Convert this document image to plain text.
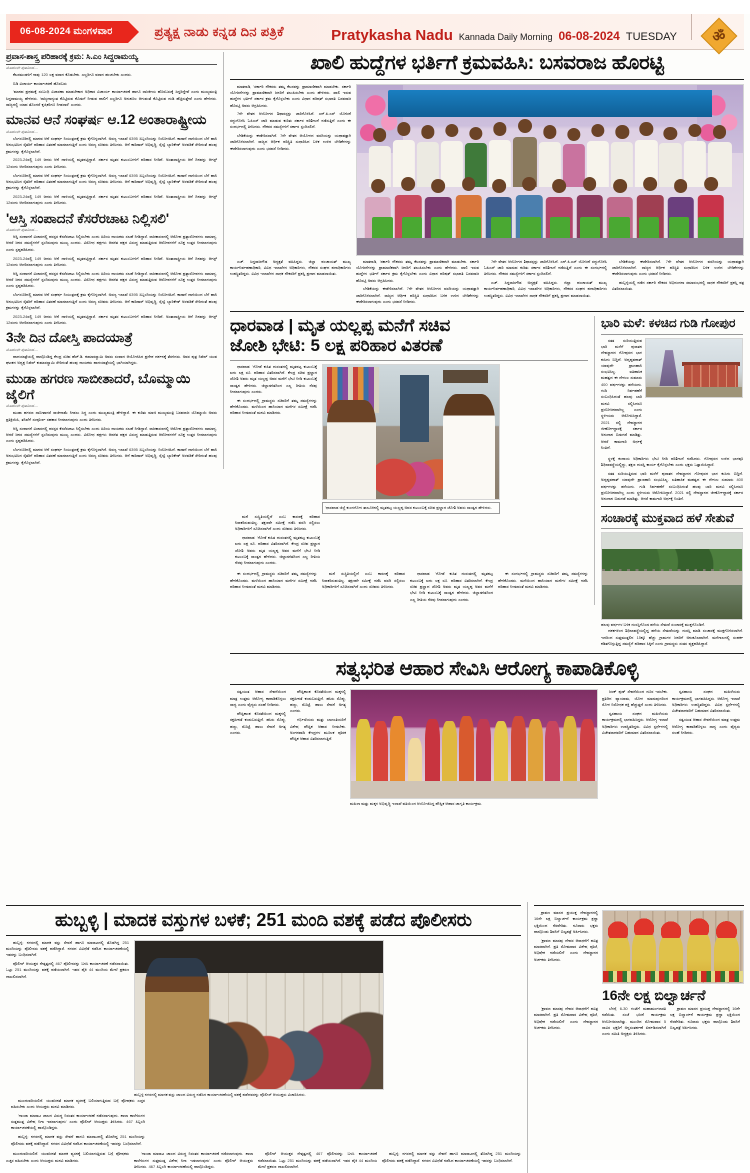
06-08-2024 ಮಂಗಳವಾರ	ಪ್ರತ್ಯಕ್ಷ ನಾಡು ಕನ್ನಡ ದಿನ ಪತ್ರಿಕೆ	Pratykasha Nadu Kannada Daily Morning 06-08-2024 TUESDAY	ॐ
ಪ್ರವಾಸ-ಶಾಸ್ತ್ರ ಪರಿಹಾರಕ್ಕೆ ಕ್ರಮ: ಸಿ.ಎಂ ಸಿದ್ದರಾಮಯ್ಯ
ಮೊದಲನೇ ಪುಟದಿಂದ....

ಕೆಲಸಮಂಡಳಿಗೆ ನಾವು 120 ಲಕ್ಷ ವರಾದ ಕೊಡಬೇಕು. ಎಲ್ಲರಿಗೂ ವರಾದ ಹಂಚಬೇಕು ಎಂದರು.

ಬಿಡಿ ವಿಚಾರ್ಯ ಕಾರ್ಯಾಚರಣೆ ಹೊರಬರು

'ಮಾನವ ಪ್ರಥಮಕ್ಕೆ ಸಂಬಂಧಿ ವಿಚಾರಣಾ ಮಾಡಬೇಕಾದ ಅಧಿಕಾರ ವಿಚಾರ್ಯ ಕಾರ್ಯಾಚರಣೆ ಹಾಗೂ ರಾಜಕೀಯ ಹೊರಬರುಕ್ಕೆ ಸಿದ್ದರಿದ್ದೇವೆ ಎಂದು ಮುಖ್ಯಮಂತ್ರಿ ಸಿದ್ದರಾಮಯ್ಯ ಹೇಳಿದರು. 'ರಾಜ್ಯದಾದ್ಯಂತ ಕೊಟ್ಟಿರುವ ಕೊಡುಗೆ ನೀಡುವ ಪಾಲಿಗೆ ಎಲ್ಲರಿಗೂ ಅನುಕೂಲ ಆಗುವಂತೆ ಕೊಟ್ಟಿರುವ ದುಡಿ ಹೆಚ್ಚಿಸುತ್ತೇವೆ ಎಂದು ಹೇಳಿದರು. ರಾಜ್ಯದಲ್ಲಿ ಯಾವ ತೊಂದರೆ ಕೃಷಿಕರಿಗೂ ನೀಡಲಾರೆ' ಎಂದರು.

ಮಾನವ ಆನೆ ಸಂಘರ್ಷ ಆ.12 ಅಂತಾರಾಷ್ಟ್ರೀಯ
ಮೊದಲನೇ ಪುಟದಿಂದ....

ಬೆಂಗಳೂರಿನಲ್ಲಿ ಮಾನವ ಆನೆ ಸಂಘರ್ಷ ನಿಯಂತ್ರಣಕ್ಕೆ ಕ್ರಮ ಕೈಗೊಳ್ಳಲಾಗಿದೆ. ಅರಣ್ಯ ಇಲಾಖೆ 6395 ಸಿಬ್ಬಂದಿಯನ್ನು ನಿಯೋಜಿಸಿದೆ. ಕಾಡಾನೆ ದಾಳಿಯಿಂದ ಬೆಳೆ ಹಾನಿ ಅನುಭವಿಸಿದ ರೈತರಿಗೆ ಪರಿಹಾರ ವಿತರಣೆ ಮಾಡಲಾಗುತ್ತಿದೆ ಎಂದು ಅರಣ್ಯ ಸಚಿವರು ತಿಳಿಸಿದರು. ಆನೆ ಕಾರಿಡಾರ್ ಅಭಿವೃದ್ಧಿ, ರೈಲ್ವೆ ಬ್ಯಾರಿಕೇಡ್ ಅಳವಡಿಕೆ ಸೇರಿದಂತೆ ಹಲವು ಕ್ರಮಗಳನ್ನು ಕೈಗೊಳ್ಳಲಾಗಿದೆ.

2023-24ರಲ್ಲಿ 149 ಜನರು ಆನೆ ದಾಳಿಯಲ್ಲಿ ಮೃತಪಟ್ಟಿದ್ದಾರೆ. ಸರ್ಕಾರ ಮೃತರ ಕುಟುಂಬಗಳಿಗೆ ಪರಿಹಾರ ನೀಡಿದೆ. ಅಂತಾರಾಷ್ಟ್ರೀಯ ಆನೆ ದಿನವನ್ನು ಆಗಸ್ಟ್ 12ರಂದು ಆಚರಿಸಲಾಗುವುದು ಎಂದು ತಿಳಿಸಿದರು.

ಬೆಂಗಳೂರಿನಲ್ಲಿ ಮಾನವ ಆನೆ ಸಂಘರ್ಷ ನಿಯಂತ್ರಣಕ್ಕೆ ಕ್ರಮ ಕೈಗೊಳ್ಳಲಾಗಿದೆ. ಅರಣ್ಯ ಇಲಾಖೆ 6395 ಸಿಬ್ಬಂದಿಯನ್ನು ನಿಯೋಜಿಸಿದೆ. ಕಾಡಾನೆ ದಾಳಿಯಿಂದ ಬೆಳೆ ಹಾನಿ ಅನುಭವಿಸಿದ ರೈತರಿಗೆ ಪರಿಹಾರ ವಿತರಣೆ ಮಾಡಲಾಗುತ್ತಿದೆ ಎಂದು ಅರಣ್ಯ ಸಚಿವರು ತಿಳಿಸಿದರು. ಆನೆ ಕಾರಿಡಾರ್ ಅಭಿವೃದ್ಧಿ, ರೈಲ್ವೆ ಬ್ಯಾರಿಕೇಡ್ ಅಳವಡಿಕೆ ಸೇರಿದಂತೆ ಹಲವು ಕ್ರಮಗಳನ್ನು ಕೈಗೊಳ್ಳಲಾಗಿದೆ.

2023-24ರಲ್ಲಿ 149 ಜನರು ಆನೆ ದಾಳಿಯಲ್ಲಿ ಮೃತಪಟ್ಟಿದ್ದಾರೆ. ಸರ್ಕಾರ ಮೃತರ ಕುಟುಂಬಗಳಿಗೆ ಪರಿಹಾರ ನೀಡಿದೆ. ಅಂತಾರಾಷ್ಟ್ರೀಯ ಆನೆ ದಿನವನ್ನು ಆಗಸ್ಟ್ 12ರಂದು ಆಚರಿಸಲಾಗುವುದು ಎಂದು ತಿಳಿಸಿದರು.

'ಆಸ್ತಿ ಸಂಪಾದನೆ ಕೆಸರೆರಚಾಟ ನಿಲ್ಲಿಸಲಿ'
ಮೊದಲನೇ ಪುಟದಿಂದ....

ಆಸ್ತಿ ಸಂಪಾದನೆ ವಿಚಾರದಲ್ಲಿ ಪರಸ್ಪರ ಕೆಸರೆರಚಾಟ ನಿಲ್ಲಿಸಬೇಕು ಎಂದು ಹಿರಿಯ ನಾಯಕರು ಸಲಹೆ ನೀಡಿದ್ದಾರೆ. ರಾಜಕಾರಣದಲ್ಲಿ ಆರೋಪ ಪ್ರತ್ಯಾರೋಪಗಳು ಸಾಮಾನ್ಯ, ಆದರೆ ಜನರ ಸಮಸ್ಯೆಗಳಿಗೆ ಸ್ಪಂದಿಸುವುದು ಮುಖ್ಯ ಎಂದರು. ವಿರೋಧ ಪಕ್ಷಗಳು ಆಡಳಿತ ಪಕ್ಷದ ವಿರುದ್ಧ ಮಾಡುತ್ತಿರುವ ಆರೋಪಗಳಿಗೆ ಸೂಕ್ತ ಉತ್ತರ ನೀಡಲಾಗುವುದು ಎಂದು ಸ್ಪಷ್ಟಪಡಿಸಿದರು.

2023-24ರಲ್ಲಿ 149 ಜನರು ಆನೆ ದಾಳಿಯಲ್ಲಿ ಮೃತಪಟ್ಟಿದ್ದಾರೆ. ಸರ್ಕಾರ ಮೃತರ ಕುಟುಂಬಗಳಿಗೆ ಪರಿಹಾರ ನೀಡಿದೆ. ಅಂತಾರಾಷ್ಟ್ರೀಯ ಆನೆ ದಿನವನ್ನು ಆಗಸ್ಟ್ 12ರಂದು ಆಚರಿಸಲಾಗುವುದು ಎಂದು ತಿಳಿಸಿದರು.

ಆಸ್ತಿ ಸಂಪಾದನೆ ವಿಚಾರದಲ್ಲಿ ಪರಸ್ಪರ ಕೆಸರೆರಚಾಟ ನಿಲ್ಲಿಸಬೇಕು ಎಂದು ಹಿರಿಯ ನಾಯಕರು ಸಲಹೆ ನೀಡಿದ್ದಾರೆ. ರಾಜಕಾರಣದಲ್ಲಿ ಆರೋಪ ಪ್ರತ್ಯಾರೋಪಗಳು ಸಾಮಾನ್ಯ, ಆದರೆ ಜನರ ಸಮಸ್ಯೆಗಳಿಗೆ ಸ್ಪಂದಿಸುವುದು ಮುಖ್ಯ ಎಂದರು. ವಿರೋಧ ಪಕ್ಷಗಳು ಆಡಳಿತ ಪಕ್ಷದ ವಿರುದ್ಧ ಮಾಡುತ್ತಿರುವ ಆರೋಪಗಳಿಗೆ ಸೂಕ್ತ ಉತ್ತರ ನೀಡಲಾಗುವುದು ಎಂದು ಸ್ಪಷ್ಟಪಡಿಸಿದರು.

ಬೆಂಗಳೂರಿನಲ್ಲಿ ಮಾನವ ಆನೆ ಸಂಘರ್ಷ ನಿಯಂತ್ರಣಕ್ಕೆ ಕ್ರಮ ಕೈಗೊಳ್ಳಲಾಗಿದೆ. ಅರಣ್ಯ ಇಲಾಖೆ 6395 ಸಿಬ್ಬಂದಿಯನ್ನು ನಿಯೋಜಿಸಿದೆ. ಕಾಡಾನೆ ದಾಳಿಯಿಂದ ಬೆಳೆ ಹಾನಿ ಅನುಭವಿಸಿದ ರೈತರಿಗೆ ಪರಿಹಾರ ವಿತರಣೆ ಮಾಡಲಾಗುತ್ತಿದೆ ಎಂದು ಅರಣ್ಯ ಸಚಿವರು ತಿಳಿಸಿದರು. ಆನೆ ಕಾರಿಡಾರ್ ಅಭಿವೃದ್ಧಿ, ರೈಲ್ವೆ ಬ್ಯಾರಿಕೇಡ್ ಅಳವಡಿಕೆ ಸೇರಿದಂತೆ ಹಲವು ಕ್ರಮಗಳನ್ನು ಕೈಗೊಳ್ಳಲಾಗಿದೆ.

2023-24ರಲ್ಲಿ 149 ಜನರು ಆನೆ ದಾಳಿಯಲ್ಲಿ ಮೃತಪಟ್ಟಿದ್ದಾರೆ. ಸರ್ಕಾರ ಮೃತರ ಕುಟುಂಬಗಳಿಗೆ ಪರಿಹಾರ ನೀಡಿದೆ. ಅಂತಾರಾಷ್ಟ್ರೀಯ ಆನೆ ದಿನವನ್ನು ಆಗಸ್ಟ್ 12ರಂದು ಆಚರಿಸಲಾಗುವುದು ಎಂದು ತಿಳಿಸಿದರು.

3ನೇ ದಿನ ದೋಸ್ತಿ ಪಾದಯಾತ್ರೆ
ಮೊದಲನೇ ಪುಟದಿಂದ....

ಪಾದಯಾತ್ರೆಯಲ್ಲಿ ಪಾಲ್ಗೊಂಡಿದ್ದ ಕೇಂದ್ರ ಸಚಿವ ಹೆಚ್.ಡಿ. ಕುಮಾರಸ್ವಾಮಿ ಅವರು ಸಂವಾದ ಆಯೋಜಿಸಿದ ಪ್ರದೇಶ ದರ್ಶನಕ್ಕೆ ತೆರಳಿದರು. ಅವರ ಪುತ್ರ ನಿಖಿಲ್ ಯುವ ಘಟಕದ ಅಧ್ಯಕ್ಷ ನಿಖಿಲ್ ಕುಮಾರಸ್ವಾಮಿ ಸೇರಿದಂತೆ ಹಲವು ನಾಯಕರು ಪಾದಯಾತ್ರೆಯಲ್ಲಿ ಭಾಗಿಯಾಗಿದ್ದರು.

ಮುಡಾ ಹಗರಣ ಸಾಬೀತಾದರೆ, ಬೊಮ್ಮಾಯಿ ಜೈಲಿಗೆ
ಮೊದಲನೇ ಪುಟದಿಂದ....

ಮುಡಾ ಹಗರಣ ಸಾಬೀತಾದರೆ ರಾಜೀನಾಮೆ ನೀಡಲು ಸಿದ್ಧ ಎಂದು ಮುಖ್ಯಮಂತ್ರಿ ಹೇಳಿದ್ದಾರೆ. ಈ ಕುರಿತು ಮಾಜಿ ಮುಖ್ಯಮಂತ್ರಿ ಬಸವರಾಜ ಬೊಮ್ಮಾಯಿ ಅವರು ಪ್ರತಿಕ್ರಿಯಿಸಿ, ತನಿಖೆಗೆ ಸಂಪೂರ್ಣ ಸಹಕಾರ ನೀಡಲಾಗುವುದು ಎಂದು ತಿಳಿಸಿದರು.

ಆಸ್ತಿ ಸಂಪಾದನೆ ವಿಚಾರದಲ್ಲಿ ಪರಸ್ಪರ ಕೆಸರೆರಚಾಟ ನಿಲ್ಲಿಸಬೇಕು ಎಂದು ಹಿರಿಯ ನಾಯಕರು ಸಲಹೆ ನೀಡಿದ್ದಾರೆ. ರಾಜಕಾರಣದಲ್ಲಿ ಆರೋಪ ಪ್ರತ್ಯಾರೋಪಗಳು ಸಾಮಾನ್ಯ, ಆದರೆ ಜನರ ಸಮಸ್ಯೆಗಳಿಗೆ ಸ್ಪಂದಿಸುವುದು ಮುಖ್ಯ ಎಂದರು. ವಿರೋಧ ಪಕ್ಷಗಳು ಆಡಳಿತ ಪಕ್ಷದ ವಿರುದ್ಧ ಮಾಡುತ್ತಿರುವ ಆರೋಪಗಳಿಗೆ ಸೂಕ್ತ ಉತ್ತರ ನೀಡಲಾಗುವುದು ಎಂದು ಸ್ಪಷ್ಟಪಡಿಸಿದರು.

ಬೆಂಗಳೂರಿನಲ್ಲಿ ಮಾನವ ಆನೆ ಸಂಘರ್ಷ ನಿಯಂತ್ರಣಕ್ಕೆ ಕ್ರಮ ಕೈಗೊಳ್ಳಲಾಗಿದೆ. ಅರಣ್ಯ ಇಲಾಖೆ 6395 ಸಿಬ್ಬಂದಿಯನ್ನು ನಿಯೋಜಿಸಿದೆ. ಕಾಡಾನೆ ದಾಳಿಯಿಂದ ಬೆಳೆ ಹಾನಿ ಅನುಭವಿಸಿದ ರೈತರಿಗೆ ಪರಿಹಾರ ವಿತರಣೆ ಮಾಡಲಾಗುತ್ತಿದೆ ಎಂದು ಅರಣ್ಯ ಸಚಿವರು ತಿಳಿಸಿದರು. ಆನೆ ಕಾರಿಡಾರ್ ಅಭಿವೃದ್ಧಿ, ರೈಲ್ವೆ ಬ್ಯಾರಿಕೇಡ್ ಅಳವಡಿಕೆ ಸೇರಿದಂತೆ ಹಲವು ಕ್ರಮಗಳನ್ನು ಕೈಗೊಳ್ಳಲಾಗಿದೆ.

ಖಾಲಿ ಹುದ್ದೆಗಳ ಭರ್ತಿಗೆ ಕ್ರಮವಹಿಸಿ: ಬಸವರಾಜ ಹೊರಟ್ಟಿ

ಮಾತನಾಡಿ, 'ಸರ್ಕಾರಿ ನೌಕರರು ತಮ್ಮ ಕೆಲಸವನ್ನು ಪ್ರಾಮಾಣಿಕವಾಗಿ ಮಾಡಬೇಕು. ಸರ್ಕಾರಿ ಯೋಜನೆಗಳನ್ನು ಪ್ರಾಮಾಣಿಕವಾಗಿ ಜನರಿಗೆ ತಲುಪಿಸಬೇಕು ಎಂದು ಹೇಳಿದರು. ಖಾಲಿ ಇರುವ ಹುದ್ದೆಗಳ ಭರ್ತಿಗೆ ಸರ್ಕಾರ ಕ್ರಮ ಕೈಗೊಳ್ಳಬೇಕು ಎಂದು ವಿಧಾನ ಪರಿಷತ್ ಸಭಾಪತಿ ಬಸವರಾಜ ಹೊರಟ್ಟಿ ಅವರು ಆಗ್ರಹಿಸಿದರು.

7ನೇ ವೇತನ ಆಯೋಗದ ಶಿಫಾರಸ್ಸನ್ನು ಜಾರಿಗೊಳಿಸಿದೆ. ಎನ್.ಪಿ.ಎಸ್ ಯೋಜನೆ ರದ್ದುಗೊಳಿಸಿ ಓಪಿಎಸ್ ಜಾರಿ ಮಾಡುವ ಕುರಿತು ಸರ್ಕಾರ ಪರಿಶೀಲನೆ ನಡೆಸುತ್ತಿದೆ ಎಂದು ಈ ಸಂದರ್ಭದಲ್ಲಿ ತಿಳಿಸಿದರು. ನೌಕರರ ಸಮಸ್ಯೆಗಳಿಗೆ ಸರ್ಕಾರ ಸ್ಪಂದಿಸಲಿದೆ.

ಬೇಡಿಕೆಯನ್ನು ಈಡೇರಿಸಲಾಗಿದೆ. 7ನೇ ವೇತನ ಆಯೋಗದ ವರದಿಯನ್ನು ಯಥಾವತ್ತಾಗಿ ಜಾರಿಗೊಳಿಸಲಾಗಿದೆ. ರಾಜ್ಯದ ಆರ್ಥಿಕ ಪರಿಸ್ಥಿತಿ ಸುಧಾರಿಸಿದ ಬಳಿಕ ಉಳಿದ ಬೇಡಿಕೆಗಳನ್ನು ಈಡೇರಿಸಲಾಗುವುದು ಎಂದು ಭರವಸೆ ನೀಡಿದರು.

ಎಚ್. ಸಿದ್ದರಾಜಗೌಡ ಅಧ್ಯಕ್ಷತೆ ವಹಿಸಿದ್ದರು. ಜಿಲ್ಲಾ ಪಂಚಾಯತ್ ಮುಖ್ಯ ಕಾರ್ಯನಿರ್ವಹಣಾಧಿಕಾರಿ, ವಿವಿಧ ಇಲಾಖೆಗಳ ಅಧಿಕಾರಿಗಳು, ನೌಕರರ ಸಂಘದ ಪದಾಧಿಕಾರಿಗಳು ಉಪಸ್ಥಿತರಿದ್ದರು. ವಿವಿಧ ಇಲಾಖೆಗಳ ಸಾಧಕ ನೌಕರರಿಗೆ ಪ್ರಶಸ್ತಿ ಪ್ರದಾನ ಮಾಡಲಾಯಿತು.

ಮಾತನಾಡಿ, 'ಸರ್ಕಾರಿ ನೌಕರರು ತಮ್ಮ ಕೆಲಸವನ್ನು ಪ್ರಾಮಾಣಿಕವಾಗಿ ಮಾಡಬೇಕು. ಸರ್ಕಾರಿ ಯೋಜನೆಗಳನ್ನು ಪ್ರಾಮಾಣಿಕವಾಗಿ ಜನರಿಗೆ ತಲುಪಿಸಬೇಕು ಎಂದು ಹೇಳಿದರು. ಖಾಲಿ ಇರುವ ಹುದ್ದೆಗಳ ಭರ್ತಿಗೆ ಸರ್ಕಾರ ಕ್ರಮ ಕೈಗೊಳ್ಳಬೇಕು ಎಂದು ವಿಧಾನ ಪರಿಷತ್ ಸಭಾಪತಿ ಬಸವರಾಜ ಹೊರಟ್ಟಿ ಅವರು ಆಗ್ರಹಿಸಿದರು.

ಬೇಡಿಕೆಯನ್ನು ಈಡೇರಿಸಲಾಗಿದೆ. 7ನೇ ವೇತನ ಆಯೋಗದ ವರದಿಯನ್ನು ಯಥಾವತ್ತಾಗಿ ಜಾರಿಗೊಳಿಸಲಾಗಿದೆ. ರಾಜ್ಯದ ಆರ್ಥಿಕ ಪರಿಸ್ಥಿತಿ ಸುಧಾರಿಸಿದ ಬಳಿಕ ಉಳಿದ ಬೇಡಿಕೆಗಳನ್ನು ಈಡೇರಿಸಲಾಗುವುದು ಎಂದು ಭರವಸೆ ನೀಡಿದರು.

7ನೇ ವೇತನ ಆಯೋಗದ ಶಿಫಾರಸ್ಸನ್ನು ಜಾರಿಗೊಳಿಸಿದೆ. ಎನ್.ಪಿ.ಎಸ್ ಯೋಜನೆ ರದ್ದುಗೊಳಿಸಿ ಓಪಿಎಸ್ ಜಾರಿ ಮಾಡುವ ಕುರಿತು ಸರ್ಕಾರ ಪರಿಶೀಲನೆ ನಡೆಸುತ್ತಿದೆ ಎಂದು ಈ ಸಂದರ್ಭದಲ್ಲಿ ತಿಳಿಸಿದರು. ನೌಕರರ ಸಮಸ್ಯೆಗಳಿಗೆ ಸರ್ಕಾರ ಸ್ಪಂದಿಸಲಿದೆ.

ಎಚ್. ಸಿದ್ದರಾಜಗೌಡ ಅಧ್ಯಕ್ಷತೆ ವಹಿಸಿದ್ದರು. ಜಿಲ್ಲಾ ಪಂಚಾಯತ್ ಮುಖ್ಯ ಕಾರ್ಯನಿರ್ವಹಣಾಧಿಕಾರಿ, ವಿವಿಧ ಇಲಾಖೆಗಳ ಅಧಿಕಾರಿಗಳು, ನೌಕರರ ಸಂಘದ ಪದಾಧಿಕಾರಿಗಳು ಉಪಸ್ಥಿತರಿದ್ದರು. ವಿವಿಧ ಇಲಾಖೆಗಳ ಸಾಧಕ ನೌಕರರಿಗೆ ಪ್ರಶಸ್ತಿ ಪ್ರದಾನ ಮಾಡಲಾಯಿತು.

ಬೇಡಿಕೆಯನ್ನು ಈಡೇರಿಸಲಾಗಿದೆ. 7ನೇ ವೇತನ ಆಯೋಗದ ವರದಿಯನ್ನು ಯಥಾವತ್ತಾಗಿ ಜಾರಿಗೊಳಿಸಲಾಗಿದೆ. ರಾಜ್ಯದ ಆರ್ಥಿಕ ಪರಿಸ್ಥಿತಿ ಸುಧಾರಿಸಿದ ಬಳಿಕ ಉಳಿದ ಬೇಡಿಕೆಗಳನ್ನು ಈಡೇರಿಸಲಾಗುವುದು ಎಂದು ಭರವಸೆ ನೀಡಿದರು.

ಹುಬ್ಬಳ್ಳಿಯಲ್ಲಿ ನಡೆದ ಸರ್ಕಾರಿ ನೌಕರರ ಅಭಿನಂದನಾ ಸಮಾರಂಭದಲ್ಲಿ ಸಾಧಕ ನೌಕರರಿಗೆ ಪ್ರಶಸ್ತಿ ಪತ್ರ ವಿತರಿಸಲಾಯಿತು.

ಧಾರವಾಡ | ಮೃತ ಯಲ್ಲಪ್ಪ ಮನೆಗೆ ಸಚಿವ
ಜೋಶಿ ಭೇಟಿ: 5 ಲಕ್ಷ ಪರಿಹಾರ ವಿತರಣೆ

ಧಾರವಾಡ: 'ಗೋಡೆ ಕುಸಿತ ದುರಂತದಲ್ಲಿ ಮೃತಪಟ್ಟ ಕುಟುಂಬಕ್ಕೆ ಐದು ಲಕ್ಷ ರೂ. ಪರಿಹಾರ ವಿತರಿಸಲಾಗಿದೆ. ಕೇಂದ್ರ ಸಚಿವ ಪ್ರಲ್ಹಾದ ಜೋಶಿ ಅವರು ಮೃತ ಯಲ್ಲಪ್ಪ ಅವರ ಮನೆಗೆ ಭೇಟಿ ನೀಡಿ ಕುಟುಂಬಕ್ಕೆ ಸಾಂತ್ವನ ಹೇಳಿದರು. ಜಿಲ್ಲಾಡಳಿತದಿಂದ ಎಲ್ಲ ರೀತಿಯ ನೆರವು ನೀಡಲಾಗುವುದು ಎಂದರು.

ಈ ಸಂದರ್ಭದಲ್ಲಿ ಗ್ರಾಮಸ್ಥರು ಸಚಿವರಿಗೆ ತಮ್ಮ ಸಮಸ್ಯೆಗಳನ್ನು ಹೇಳಿಕೊಂಡರು. ಮಳೆಯಿಂದ ಹಾನಿಯಾದ ಮನೆಗಳ ಸಮೀಕ್ಷೆ ನಡೆಸಿ ಪರಿಹಾರ ನೀಡುವಂತೆ ಮನವಿ ಮಾಡಿದರು.

'ಧಾರವಾಡ ಜಿಲ್ಲೆ ಕುಂದಗೋಳ ತಾಲೂಕಿನಲ್ಲಿ ಮೃತಪಟ್ಟ ಯಲ್ಲಪ್ಪ ಅವರ ಕುಟುಂಬಕ್ಕೆ ಸಚಿವ ಪ್ರಲ್ಹಾದ ಜೋಶಿ ಅವರು ಸಾಂತ್ವನ ಹೇಳಿದರು.

ಮನೆ ಸುಸ್ಥಿತಿಯಲ್ಲಿದೆ ಎಂಬ ಕಾರಣಕ್ಕೆ ಪರಿಹಾರ ನಿರಾಕರಿಸುವಂತಿಲ್ಲ. ತಕ್ಷಣವೇ ಸಮೀಕ್ಷೆ ನಡೆಸಿ ವರದಿ ಸಲ್ಲಿಸಲು ಅಧಿಕಾರಿಗಳಿಗೆ ಸೂಚಿಸಲಾಗಿದೆ ಎಂದು ಸಚಿವರು ತಿಳಿಸಿದರು.

ಧಾರವಾಡ: 'ಗೋಡೆ ಕುಸಿತ ದುರಂತದಲ್ಲಿ ಮೃತಪಟ್ಟ ಕುಟುಂಬಕ್ಕೆ ಐದು ಲಕ್ಷ ರೂ. ಪರಿಹಾರ ವಿತರಿಸಲಾಗಿದೆ. ಕೇಂದ್ರ ಸಚಿವ ಪ್ರಲ್ಹಾದ ಜೋಶಿ ಅವರು ಮೃತ ಯಲ್ಲಪ್ಪ ಅವರ ಮನೆಗೆ ಭೇಟಿ ನೀಡಿ ಕುಟುಂಬಕ್ಕೆ ಸಾಂತ್ವನ ಹೇಳಿದರು. ಜಿಲ್ಲಾಡಳಿತದಿಂದ ಎಲ್ಲ ರೀತಿಯ ನೆರವು ನೀಡಲಾಗುವುದು ಎಂದರು.

ಈ ಸಂದರ್ಭದಲ್ಲಿ ಗ್ರಾಮಸ್ಥರು ಸಚಿವರಿಗೆ ತಮ್ಮ ಸಮಸ್ಯೆಗಳನ್ನು ಹೇಳಿಕೊಂಡರು. ಮಳೆಯಿಂದ ಹಾನಿಯಾದ ಮನೆಗಳ ಸಮೀಕ್ಷೆ ನಡೆಸಿ ಪರಿಹಾರ ನೀಡುವಂತೆ ಮನವಿ ಮಾಡಿದರು.

ಮನೆ ಸುಸ್ಥಿತಿಯಲ್ಲಿದೆ ಎಂಬ ಕಾರಣಕ್ಕೆ ಪರಿಹಾರ ನಿರಾಕರಿಸುವಂತಿಲ್ಲ. ತಕ್ಷಣವೇ ಸಮೀಕ್ಷೆ ನಡೆಸಿ ವರದಿ ಸಲ್ಲಿಸಲು ಅಧಿಕಾರಿಗಳಿಗೆ ಸೂಚಿಸಲಾಗಿದೆ ಎಂದು ಸಚಿವರು ತಿಳಿಸಿದರು.

ಧಾರವಾಡ: 'ಗೋಡೆ ಕುಸಿತ ದುರಂತದಲ್ಲಿ ಮೃತಪಟ್ಟ ಕುಟುಂಬಕ್ಕೆ ಐದು ಲಕ್ಷ ರೂ. ಪರಿಹಾರ ವಿತರಿಸಲಾಗಿದೆ. ಕೇಂದ್ರ ಸಚಿವ ಪ್ರಲ್ಹಾದ ಜೋಶಿ ಅವರು ಮೃತ ಯಲ್ಲಪ್ಪ ಅವರ ಮನೆಗೆ ಭೇಟಿ ನೀಡಿ ಕುಟುಂಬಕ್ಕೆ ಸಾಂತ್ವನ ಹೇಳಿದರು. ಜಿಲ್ಲಾಡಳಿತದಿಂದ ಎಲ್ಲ ರೀತಿಯ ನೆರವು ನೀಡಲಾಗುವುದು ಎಂದರು.

ಈ ಸಂದರ್ಭದಲ್ಲಿ ಗ್ರಾಮಸ್ಥರು ಸಚಿವರಿಗೆ ತಮ್ಮ ಸಮಸ್ಯೆಗಳನ್ನು ಹೇಳಿಕೊಂಡರು. ಮಳೆಯಿಂದ ಹಾನಿಯಾದ ಮನೆಗಳ ಸಮೀಕ್ಷೆ ನಡೆಸಿ ಪರಿಹಾರ ನೀಡುವಂತೆ ಮನವಿ ಮಾಡಿದರು.

ಭಾರಿ ಮಳೆ: ಕಳಚಿದ ಗುಡಿ ಗೋಪುರ

ಸತತ ಸುರಿಯುತ್ತಿರುವ ಭಾರಿ ಮಳೆಗೆ ಪುರಾತನ ದೇವಸ್ಥಾನದ ಗೋಪುರದ ಭಾಗ ಕುಸಿದು ಬಿದ್ದಿದೆ. ಅದೃಷ್ಟವಶಾತ್ ಯಾವುದೇ ಪ್ರಾಣಹಾನಿ ಸಂಭವಿಸಿಲ್ಲ. ಐತಿಹಾಸಿಕ ಮಹತ್ವದ ಈ ದೇಗುಲ ಸುಮಾರು 400 ವರ್ಷಗಳಷ್ಟು ಹಳೆಯದು. ಗುಡಿ ನಿರ್ವಹಣೆಗೆ ಸಂಬಂಧಿಸಿದಂತೆ ಹಲವು ಬಾರಿ ಮನವಿ ಸಲ್ಲಿಸಿದರೂ ಪ್ರಯೋಜನವಾಗಿಲ್ಲ ಎಂದು ಸ್ಥಳೀಯರು ಆರೋಪಿಸಿದ್ದಾರೆ. 2021 ರಲ್ಲಿ ದೇವಸ್ಥಾನದ ಜೀರ್ಣೋದ್ಧಾರಕ್ಕೆ ಸರ್ಕಾರ ಅನುದಾನ ಬಿಡುಗಡೆ ಮಾಡಿತ್ತು. ಆದರೆ ಕಾಮಗಾರಿ ಅರ್ಧಕ್ಕೆ ನಿಂತಿದೆ.

ಸ್ಥಳಕ್ಕೆ ಕಂದಾಯ ಅಧಿಕಾರಿಗಳು ಭೇಟಿ ನೀಡಿ ಪರಿಶೀಲನೆ ನಡೆಸಿದರು. ಗೋಪುರದ ಉಳಿದ ಭಾಗವೂ ಶಿಥಿಲಾವಸ್ಥೆಯಲ್ಲಿದ್ದು, ತಕ್ಷಣ ದುರಸ್ತಿ ಕಾರ್ಯ ಕೈಗೊಳ್ಳಬೇಕು ಎಂದು ಭಕ್ತರು ಒತ್ತಾಯಿಸಿದ್ದಾರೆ.

ಸತತ ಸುರಿಯುತ್ತಿರುವ ಭಾರಿ ಮಳೆಗೆ ಪುರಾತನ ದೇವಸ್ಥಾನದ ಗೋಪುರದ ಭಾಗ ಕುಸಿದು ಬಿದ್ದಿದೆ. ಅದೃಷ್ಟವಶಾತ್ ಯಾವುದೇ ಪ್ರಾಣಹಾನಿ ಸಂಭವಿಸಿಲ್ಲ. ಐತಿಹಾಸಿಕ ಮಹತ್ವದ ಈ ದೇಗುಲ ಸುಮಾರು 400 ವರ್ಷಗಳಷ್ಟು ಹಳೆಯದು. ಗುಡಿ ನಿರ್ವಹಣೆಗೆ ಸಂಬಂಧಿಸಿದಂತೆ ಹಲವು ಬಾರಿ ಮನವಿ ಸಲ್ಲಿಸಿದರೂ ಪ್ರಯೋಜನವಾಗಿಲ್ಲ ಎಂದು ಸ್ಥಳೀಯರು ಆರೋಪಿಸಿದ್ದಾರೆ. 2021 ರಲ್ಲಿ ದೇವಸ್ಥಾನದ ಜೀರ್ಣೋದ್ಧಾರಕ್ಕೆ ಸರ್ಕಾರ ಅನುದಾನ ಬಿಡುಗಡೆ ಮಾಡಿತ್ತು. ಆದರೆ ಕಾಮಗಾರಿ ಅರ್ಧಕ್ಕೆ ನಿಂತಿದೆ.

ಸಂಚಾರಕ್ಕೆ ಮುಕ್ತವಾದ ಹಳೆ ಸೇತುವೆ
ಹಲವು ವರ್ಷಗಳ ಬಳಿಕ ದುರಸ್ತಿಗೊಂಡ ಹಳೆಯ ಸೇತುವೆ ಸಂಚಾರಕ್ಕೆ ಮುಕ್ತಗೊಂಡಿದೆ.

ದಶಕಗಳಿಂದ ಶಿಥಿಲಾವಸ್ಥೆಯಲ್ಲಿದ್ದ ಹಳೆಯ ಸೇತುವೆಯನ್ನು ದುರಸ್ತಿ ಮಾಡಿ ಸಂಚಾರಕ್ಕೆ ಮುಕ್ತಗೊಳಿಸಲಾಗಿದೆ. ಇದರಿಂದ ಸುತ್ತಮುತ್ತಲಿನ 15ಕ್ಕೂ ಹೆಚ್ಚು ಗ್ರಾಮಗಳ ಜನರಿಗೆ ಅನುಕೂಲವಾಗಿದೆ. ಮಳೆಗಾಲದಲ್ಲಿ ಸಂಪರ್ಕ ಕಡಿತಗೊಳ್ಳುತ್ತಿದ್ದ ಸಮಸ್ಯೆಗೆ ಪರಿಹಾರ ಸಿಕ್ಕಿದೆ ಎಂದು ಗ್ರಾಮಸ್ಥರು ಸಂತಸ ವ್ಯಕ್ತಪಡಿಸಿದ್ದಾರೆ.

ಸತ್ವಭರಿತ ಆಹಾರ ಸೇವಿಸಿ ಆರೋಗ್ಯ ಕಾಪಾಡಿಕೊಳ್ಳಿ

ಸತ್ವಯುತ ಆಹಾರ ಸೇವನೆಯಿಂದ ಮಾತ್ರ ಉತ್ತಮ ಆರೋಗ್ಯ ಕಾಪಾಡಿಕೊಳ್ಳಲು ಸಾಧ್ಯ ಎಂದು ವೈದ್ಯರು ಸಲಹೆ ನೀಡಿದರು.

ಪೌಷ್ಟಿಕಾಂಶ ಕೊರತೆಯಿಂದ ಮಕ್ಕಳಲ್ಲಿ ರಕ್ತಹೀನತೆ ಕಂಡುಬರುತ್ತಿದೆ. ಹಸಿರು ಸೊಪ್ಪು, ಹಣ್ಣು, ಮೊಟ್ಟೆ, ಹಾಲು ಸೇವನೆ ಅಗತ್ಯ ಎಂದರು.

ಪೌಷ್ಟಿಕಾಂಶ ಕೊರತೆಯಿಂದ ಮಕ್ಕಳಲ್ಲಿ ರಕ್ತಹೀನತೆ ಕಂಡುಬರುತ್ತಿದೆ. ಹಸಿರು ಸೊಪ್ಪು, ಹಣ್ಣು, ಮೊಟ್ಟೆ, ಹಾಲು ಸೇವನೆ ಅಗತ್ಯ ಎಂದರು.

ಗರ್ಭಿಣಿಯರು ಮತ್ತು ಬಾಣಂತಿಯರಿಗೆ ವಿಶೇಷ ಪೌಷ್ಟಿಕ ಆಹಾರ ನೀಡಬೇಕು. ಅಂಗನವಾಡಿ ಕೇಂದ್ರಗಳ ಮೂಲಕ ಪೂರಕ ಪೌಷ್ಟಿಕ ಆಹಾರ ವಿತರಿಸಲಾಗುತ್ತಿದೆ.

ಮಹಿಳಾ ಮತ್ತು ಮಕ್ಕಳ ಅಭಿವೃದ್ಧಿ ಇಲಾಖೆ ವತಿಯಿಂದ ಆಯೋಜಿಸಿದ್ದ ಪೌಷ್ಟಿಕ ಆಹಾರ ಜಾಗೃತಿ ಕಾರ್ಯಕ್ರಮ.

ಜಂಕ್ ಫುಡ್ ಸೇವನೆಯಿಂದ ದೂರ ಇರಬೇಕು. ಪ್ರತಿದಿನ ವ್ಯಾಯಾಮ, ಯೋಗ ಮಾಡುವುದರಿಂದ ರೋಗ ನಿರೋಧಕ ಶಕ್ತಿ ಹೆಚ್ಚುತ್ತದೆ ಎಂದು ತಿಳಿಸಿದರು.

ಸ್ವಸಹಾಯ ಸಂಘದ ಮಹಿಳೆಯರು ಕಾರ್ಯಕ್ರಮದಲ್ಲಿ ಭಾಗವಹಿಸಿದ್ದರು. ಆರೋಗ್ಯ ಇಲಾಖೆ ಅಧಿಕಾರಿಗಳು ಉಪಸ್ಥಿತರಿದ್ದರು. ವಿವಿಧ ಸ್ಪರ್ಧೆಗಳಲ್ಲಿ ವಿಜೇತರಾದವರಿಗೆ ಬಹುಮಾನ ವಿತರಿಸಲಾಯಿತು.

ಸ್ವಸಹಾಯ ಸಂಘದ ಮಹಿಳೆಯರು ಕಾರ್ಯಕ್ರಮದಲ್ಲಿ ಭಾಗವಹಿಸಿದ್ದರು. ಆರೋಗ್ಯ ಇಲಾಖೆ ಅಧಿಕಾರಿಗಳು ಉಪಸ್ಥಿತರಿದ್ದರು. ವಿವಿಧ ಸ್ಪರ್ಧೆಗಳಲ್ಲಿ ವಿಜೇತರಾದವರಿಗೆ ಬಹುಮಾನ ವಿತರಿಸಲಾಯಿತು.

ಸತ್ವಯುತ ಆಹಾರ ಸೇವನೆಯಿಂದ ಮಾತ್ರ ಉತ್ತಮ ಆರೋಗ್ಯ ಕಾಪಾಡಿಕೊಳ್ಳಲು ಸಾಧ್ಯ ಎಂದು ವೈದ್ಯರು ಸಲಹೆ ನೀಡಿದರು.

ಹುಬ್ಬಳ್ಳಿ | ಮಾದಕ ವಸ್ತುಗಳ ಬಳಕೆ; 251 ಮಂದಿ ವಶಕ್ಕೆ ಪಡೆದ ಪೊಲೀಸರು

ಹುಬ್ಬಳ್ಳಿ: ನಗರದಲ್ಲಿ ಮಾದಕ ವಸ್ತು ಸೇವನೆ ಹಾಗೂ ಮಾರಾಟದಲ್ಲಿ ತೊಡಗಿದ್ದ 251 ಮಂದಿಯನ್ನು ಪೊಲೀಸರು ವಶಕ್ಕೆ ಪಡೆದಿದ್ದಾರೆ. ನಗರದ ವಿವಿಧೆಡೆ ನಡೆಸಿದ ಕಾರ್ಯಾಚರಣೆಯಲ್ಲಿ ಇವರನ್ನು ಬಂಧಿಸಲಾಗಿದೆ.

ಪೊಲೀಸ್ ಆಯುಕ್ತರ ನೇತೃತ್ವದಲ್ಲಿ 467 ಪೊಲೀಸರನ್ನು ಬಳಸಿ ಕಾರ್ಯಾಚರಣೆ ನಡೆಸಲಾಯಿತು. ಒಟ್ಟು 251 ಮಂದಿಯನ್ನು ವಶಕ್ಕೆ ಪಡೆಯಲಾಗಿದೆ. ಇವರ ಪೈಕಿ 44 ಮಂದಿಯ ಮೇಲೆ ಪ್ರಕರಣ ದಾಖಲಿಸಲಾಗಿದೆ.

ಹುಬ್ಬಳ್ಳಿ ನಗರದಲ್ಲಿ ಮಾದಕ ವಸ್ತು ಜಾಲದ ವಿರುದ್ಧ ನಡೆಸಿದ ಕಾರ್ಯಾಚರಣೆಯಲ್ಲಿ ವಶಕ್ಕೆ ಪಡೆದವರನ್ನು ಪೊಲೀಸ್ ಆಯುಕ್ತರು ವಿಚಾರಿಸಿದರು.

ಮುಂದುವರಿಯಲಿದೆ. ಯುವಜನತೆ ಮಾದಕ ವ್ಯಸನಕ್ಕೆ ಬಲಿಯಾಗುತ್ತಿರುವ ಬಗ್ಗೆ ಪೋಷಕರು ಎಚ್ಚರ ವಹಿಸಬೇಕು ಎಂದು ಆಯುಕ್ತರು ಮನವಿ ಮಾಡಿದರು.

'ಗಾಂಜಾ ಮಾರಾಟ ಜಾಲದ ವಿರುದ್ಧ ನಿರಂತರ ಕಾರ್ಯಾಚರಣೆ ನಡೆಸಲಾಗುವುದು. ಶಾಲಾ ಕಾಲೇಜುಗಳ ಸುತ್ತಮುತ್ತ ವಿಶೇಷ ನಿಗಾ ಇಡಲಾಗುವುದು' ಎಂದು ಪೊಲೀಸ್ ಆಯುಕ್ತರು ತಿಳಿಸಿದರು. 467 ಸಿಬ್ಬಂದಿ ಕಾರ್ಯಾಚರಣೆಯಲ್ಲಿ ಪಾಲ್ಗೊಂಡಿದ್ದರು.

ಹುಬ್ಬಳ್ಳಿ: ನಗರದಲ್ಲಿ ಮಾದಕ ವಸ್ತು ಸೇವನೆ ಹಾಗೂ ಮಾರಾಟದಲ್ಲಿ ತೊಡಗಿದ್ದ 251 ಮಂದಿಯನ್ನು ಪೊಲೀಸರು ವಶಕ್ಕೆ ಪಡೆದಿದ್ದಾರೆ. ನಗರದ ವಿವಿಧೆಡೆ ನಡೆಸಿದ ಕಾರ್ಯಾಚರಣೆಯಲ್ಲಿ ಇವರನ್ನು ಬಂಧಿಸಲಾಗಿದೆ.

ಮುಂದುವರಿಯಲಿದೆ. ಯುವಜನತೆ ಮಾದಕ ವ್ಯಸನಕ್ಕೆ ಬಲಿಯಾಗುತ್ತಿರುವ ಬಗ್ಗೆ ಪೋಷಕರು ಎಚ್ಚರ ವಹಿಸಬೇಕು ಎಂದು ಆಯುಕ್ತರು ಮನವಿ ಮಾಡಿದರು.

'ಗಾಂಜಾ ಮಾರಾಟ ಜಾಲದ ವಿರುದ್ಧ ನಿರಂತರ ಕಾರ್ಯಾಚರಣೆ ನಡೆಸಲಾಗುವುದು. ಶಾಲಾ ಕಾಲೇಜುಗಳ ಸುತ್ತಮುತ್ತ ವಿಶೇಷ ನಿಗಾ ಇಡಲಾಗುವುದು' ಎಂದು ಪೊಲೀಸ್ ಆಯುಕ್ತರು ತಿಳಿಸಿದರು. 467 ಸಿಬ್ಬಂದಿ ಕಾರ್ಯಾಚರಣೆಯಲ್ಲಿ ಪಾಲ್ಗೊಂಡಿದ್ದರು.

ಪೊಲೀಸ್ ಆಯುಕ್ತರ ನೇತೃತ್ವದಲ್ಲಿ 467 ಪೊಲೀಸರನ್ನು ಬಳಸಿ ಕಾರ್ಯಾಚರಣೆ ನಡೆಸಲಾಯಿತು. ಒಟ್ಟು 251 ಮಂದಿಯನ್ನು ವಶಕ್ಕೆ ಪಡೆಯಲಾಗಿದೆ. ಇವರ ಪೈಕಿ 44 ಮಂದಿಯ ಮೇಲೆ ಪ್ರಕರಣ ದಾಖಲಿಸಲಾಗಿದೆ.

ಹುಬ್ಬಳ್ಳಿ: ನಗರದಲ್ಲಿ ಮಾದಕ ವಸ್ತು ಸೇವನೆ ಹಾಗೂ ಮಾರಾಟದಲ್ಲಿ ತೊಡಗಿದ್ದ 251 ಮಂದಿಯನ್ನು ಪೊಲೀಸರು ವಶಕ್ಕೆ ಪಡೆದಿದ್ದಾರೆ. ನಗರದ ವಿವಿಧೆಡೆ ನಡೆಸಿದ ಕಾರ್ಯಾಚರಣೆಯಲ್ಲಿ ಇವರನ್ನು ಬಂಧಿಸಲಾಗಿದೆ.

ಶ್ರಾವಣ ಮಾಸದ ಪ್ರಯುಕ್ತ ದೇವಸ್ಥಾನದಲ್ಲಿ 16ನೇ ಲಕ್ಷ ಬಿಲ್ವಾರ್ಚನೆ ಕಾರ್ಯಕ್ರಮ ಶ್ರದ್ಧಾ ಭಕ್ತಿಯಿಂದ ನೆರವೇರಿತು. ನೂರಾರು ಭಕ್ತರು ಪಾಲ್ಗೊಂಡು ಶಿವನಿಗೆ ಬಿಲ್ವಪತ್ರೆ ಅರ್ಪಿಸಿದರು.

'ಶ್ರಾವಣ ಮಾಸವು ದೇವರ ಆರಾಧನೆಗೆ ಪವಿತ್ರ ಮಾಸವಾಗಿದೆ. ಪ್ರತಿ ಸೋಮವಾರ ವಿಶೇಷ ಪೂಜೆ, ಅಭಿಷೇಕ ನಡೆಯಲಿದೆ' ಎಂದು ದೇವಸ್ಥಾನದ ಅರ್ಚಕರು ತಿಳಿಸಿದರು.

16ನೇ ಲಕ್ಷ ಬಿಲ್ವಾರ್ಚನೆ

'ಶ್ರಾವಣ ಮಾಸವು ದೇವರ ಆರಾಧನೆಗೆ ಪವಿತ್ರ ಮಾಸವಾಗಿದೆ. ಪ್ರತಿ ಸೋಮವಾರ ವಿಶೇಷ ಪೂಜೆ, ಅಭಿಷೇಕ ನಡೆಯಲಿದೆ' ಎಂದು ದೇವಸ್ಥಾನದ ಅರ್ಚಕರು ತಿಳಿಸಿದರು.

ಬೆಳಗ್ಗೆ 6-30 ಗಂಟೆಗೆ ಮಹಾಮಂಗಳಾರತಿ ನಡೆಯಿತು. ಸಂಜೆ ಭಜನೆ ಕಾರ್ಯಕ್ರಮ ಆಯೋಜಿಸಲಾಗಿತ್ತು. ಮುಂದಿನ ಸೋಮವಾರ 5 ಸಾವಿರ ಭಕ್ತರಿಗೆ ಅನ್ನಸಂತರ್ಪಣೆ ಏರ್ಪಡಿಸಲಾಗಿದೆ ಎಂದು ಸಮಿತಿ ಅಧ್ಯಕ್ಷರು ತಿಳಿಸಿದರು.

ಶ್ರಾವಣ ಮಾಸದ ಪ್ರಯುಕ್ತ ದೇವಸ್ಥಾನದಲ್ಲಿ 16ನೇ ಲಕ್ಷ ಬಿಲ್ವಾರ್ಚನೆ ಕಾರ್ಯಕ್ರಮ ಶ್ರದ್ಧಾ ಭಕ್ತಿಯಿಂದ ನೆರವೇರಿತು. ನೂರಾರು ಭಕ್ತರು ಪಾಲ್ಗೊಂಡು ಶಿವನಿಗೆ ಬಿಲ್ವಪತ್ರೆ ಅರ್ಪಿಸಿದರು.
